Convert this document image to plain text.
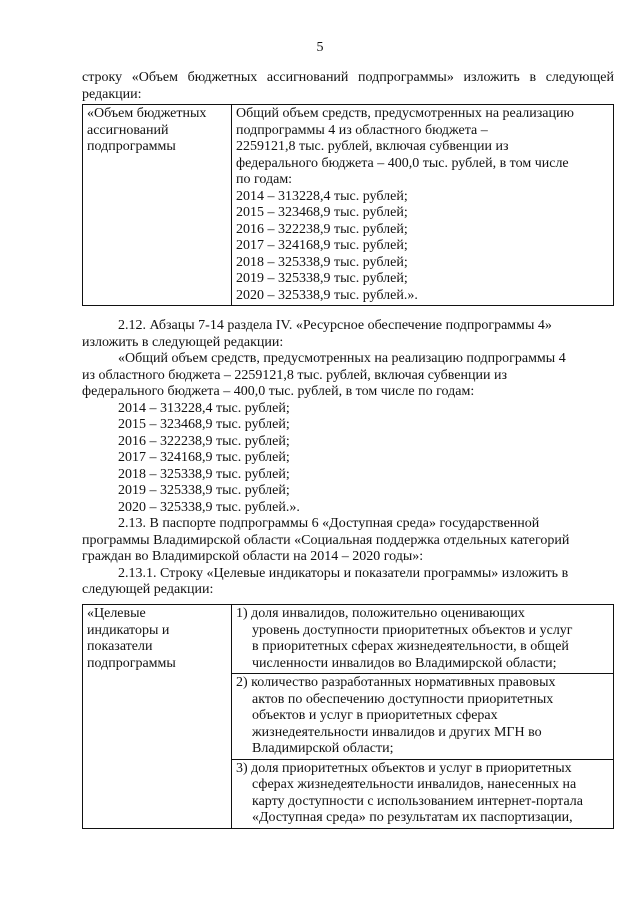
5

строку «Объем бюджетных ассигнований подпрограммы» изложить в следующей редакции:

«Объем бюджетных
ассигнований
подпрограммы

Общий объем средств, предусмотренных на реализацию
подпрограммы 4 из областного бюджета –
2259121,8 тыс. рублей, включая субвенции из
федерального бюджета – 400,0 тыс. рублей, в том числе
по годам:
2014 – 313228,4 тыс. рублей;
2015 – 323468,9 тыс. рублей;
2016 – 322238,9 тыс. рублей;
2017 – 324168,9 тыс. рублей;
2018 – 325338,9 тыс. рублей;
2019 – 325338,9 тыс. рублей;
2020 – 325338,9 тыс. рублей.».
2.12. Абзацы 7-14 раздела IV. «Ресурсное обеспечение подпрограммы 4»
изложить в следующей редакции:
«Общий объем средств, предусмотренных на реализацию подпрограммы 4
из областного бюджета – 2259121,8 тыс. рублей, включая субвенции из
федерального бюджета – 400,0 тыс. рублей, в том числе по годам:
2014 – 313228,4 тыс. рублей;
2015 – 323468,9 тыс. рублей;
2016 – 322238,9 тыс. рублей;
2017 – 324168,9 тыс. рублей;
2018 – 325338,9 тыс. рублей;
2019 – 325338,9 тыс. рублей;
2020 – 325338,9 тыс. рублей.».
2.13. В паспорте подпрограммы 6 «Доступная среда» государственной
программы Владимирской области «Социальная поддержка отдельных категорий
граждан во Владимирской области на 2014 – 2020 годы»:
2.13.1. Строку «Целевые индикаторы и показатели программы» изложить в
следующей редакции:
«Целевые
индикаторы и
показатели
подпрограммы

1) доля инвалидов, положительно оценивающих
уровень доступности приоритетных объектов и услуг
в приоритетных сферах жизнедеятельности, в общей
численности инвалидов во Владимирской области;
2) количество разработанных нормативных правовых
актов по обеспечению доступности приоритетных
объектов и услуг в приоритетных сферах
жизнедеятельности инвалидов и других МГН во
Владимирской области;
3) доля приоритетных объектов и услуг в приоритетных
сферах жизнедеятельности инвалидов, нанесенных на
карту доступности с использованием интернет-портала
«Доступная среда» по результатам их паспортизации,
